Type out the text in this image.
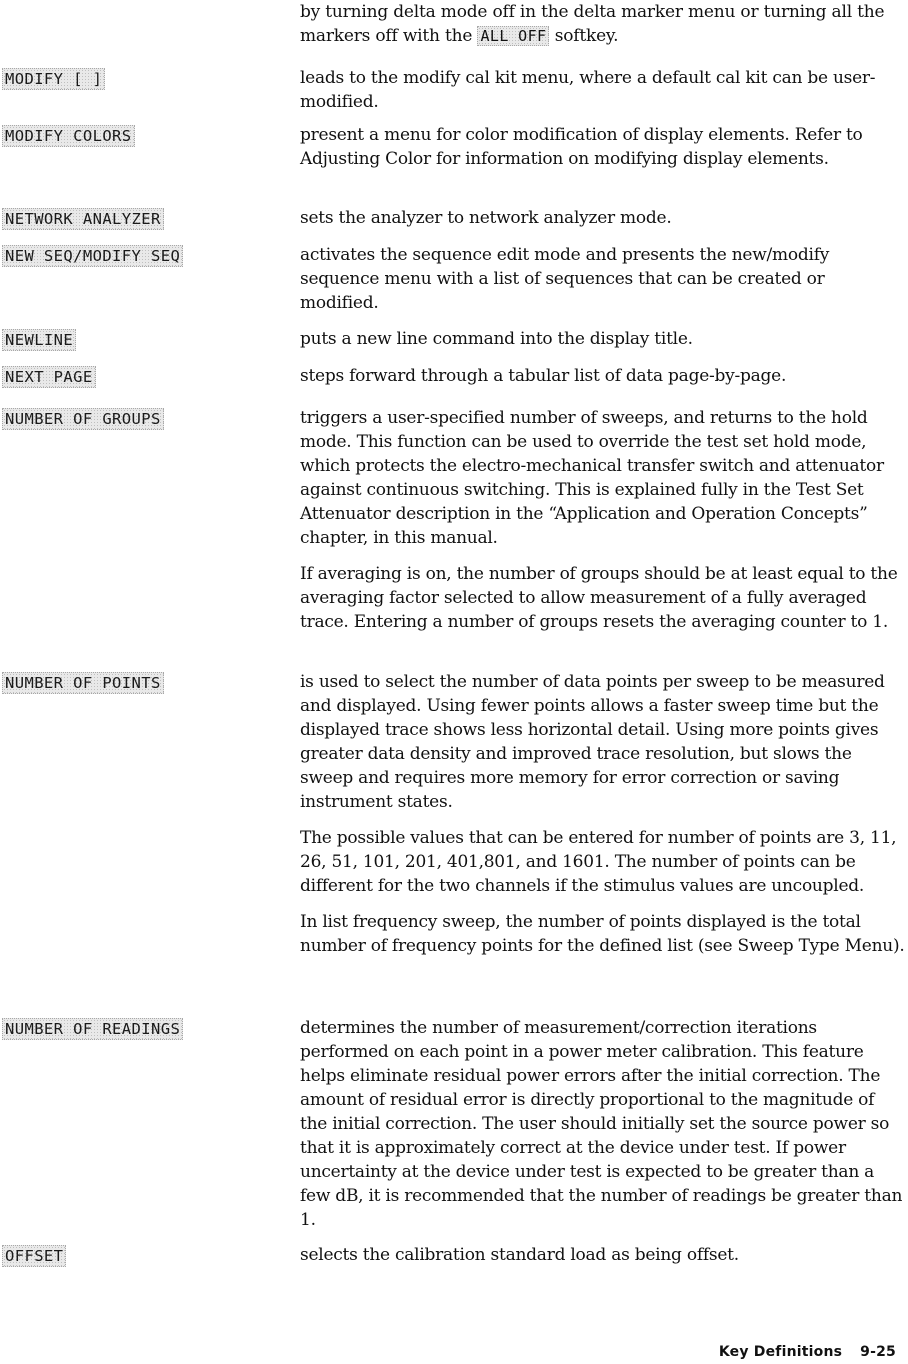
by turning delta mode off in the delta marker menu or turning all the markers off with the ALL OFF softkey.
MODIFY [ ]	leads to the modify cal kit menu, where a default cal kit can be user-modified.

MODIFY COLORS	present a menu for color modification of display elements. Refer to Adjusting Color for information on modifying display elements.

NETWORK ANALYZER	sets the analyzer to network analyzer mode.

NEW SEQ/MODIFY SEQ	activates the sequence edit mode and presents the new/modify sequence menu with a list of sequences that can be created or modified.

NEWLINE	puts a new line command into the display title.

NEXT PAGE	steps forward through a tabular list of data page-by-page.

NUMBER OF GROUPS	triggers a user-specified number of sweeps, and returns to the hold mode. This function can be used to override the test set hold mode, which protects the electro-mechanical transfer switch and attenuator against continuous switching. This is explained fully in the Test Set Attenuator description in the “Application and Operation Concepts” chapter, in this manual.

If averaging is on, the number of groups should be at least equal to the averaging factor selected to allow measurement of a fully averaged trace. Entering a number of groups resets the averaging counter to 1.

NUMBER OF POINTS	is used to select the number of data points per sweep to be measured and displayed. Using fewer points allows a faster sweep time but the displayed trace shows less horizontal detail. Using more points gives greater data density and improved trace resolution, but slows the sweep and requires more memory for error correction or saving instrument states.

The possible values that can be entered for number of points are 3, 11, 26, 51, 101, 201, 401,801, and 1601. The number of points can be different for the two channels if the stimulus values are uncoupled.

In list frequency sweep, the number of points displayed is the total number of frequency points for the defined list (see Sweep Type Menu).

NUMBER OF READINGS	determines the number of measurement/correction iterations performed on each point in a power meter calibration. This feature helps eliminate residual power errors after the initial correction. The amount of residual error is directly proportional to the magnitude of the initial correction. The user should initially set the source power so that it is approximately correct at the device under test. If power uncertainty at the device under test is expected to be greater than a few dB, it is recommended that the number of readings be greater than 1.

OFFSET	selects the calibration standard load as being offset.

Key Definitions 9-25
